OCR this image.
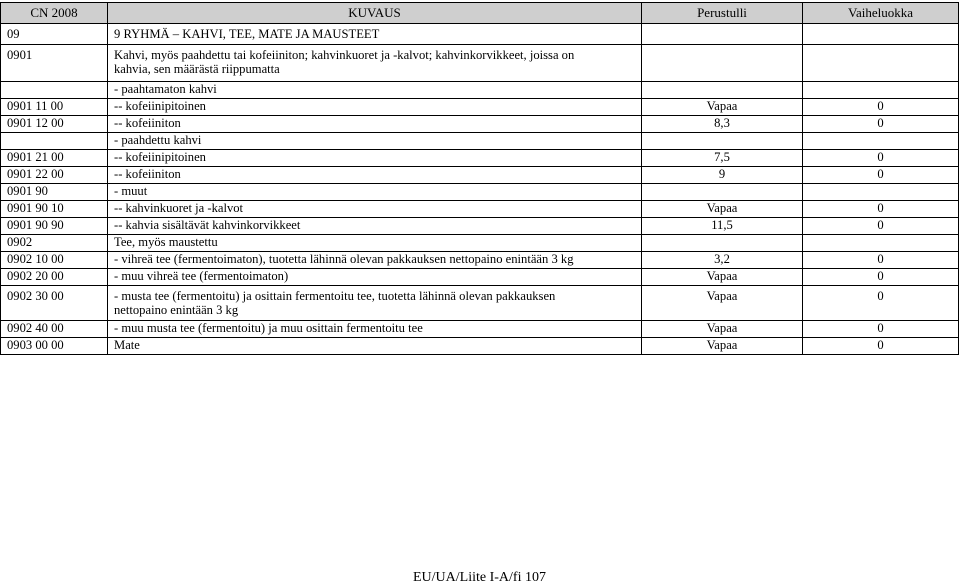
CN 2008	KUVAUS	Perustulli	Vaiheluokka
09	9 RYHMÄ – KAHVI, TEE, MATE JA MAUSTEET		
0901	Kahvi, myös paahdettu tai kofeiiniton; kahvinkuoret ja -kalvot; kahvinkorvikkeet, joissa on
kahvia, sen määrästä riippumatta		

	- paahtamaton kahvi		
0901 11 00	-- kofeiinipitoinen	Vapaa	0
0901 12 00	-- kofeiiniton	8,3	0
	- paahdettu kahvi		
0901 21 00	-- kofeiinipitoinen	7,5	0
0901 22 00	-- kofeiiniton	9	0
0901 90	- muut		
0901 90 10	-- kahvinkuoret ja -kalvot	Vapaa	0
0901 90 90	-- kahvia sisältävät kahvinkorvikkeet	11,5	0
0902	Tee, myös maustettu		
0902 10 00	- vihreä tee (fermentoimaton), tuotetta lähinnä olevan pakkauksen nettopaino enintään 3 kg	3,2	0
0902 20 00	- muu vihreä tee (fermentoimaton)	Vapaa	0
0902 30 00	- musta tee (fermentoitu) ja osittain fermentoitu tee, tuotetta lähinnä olevan pakkauksen
nettopaino enintään 3 kg	Vapaa	0
0902 40 00	- muu musta tee (fermentoitu) ja muu osittain fermentoitu tee	Vapaa	0
0903 00 00	Mate	Vapaa	0
EU/UA/Liite I-A/fi 107
